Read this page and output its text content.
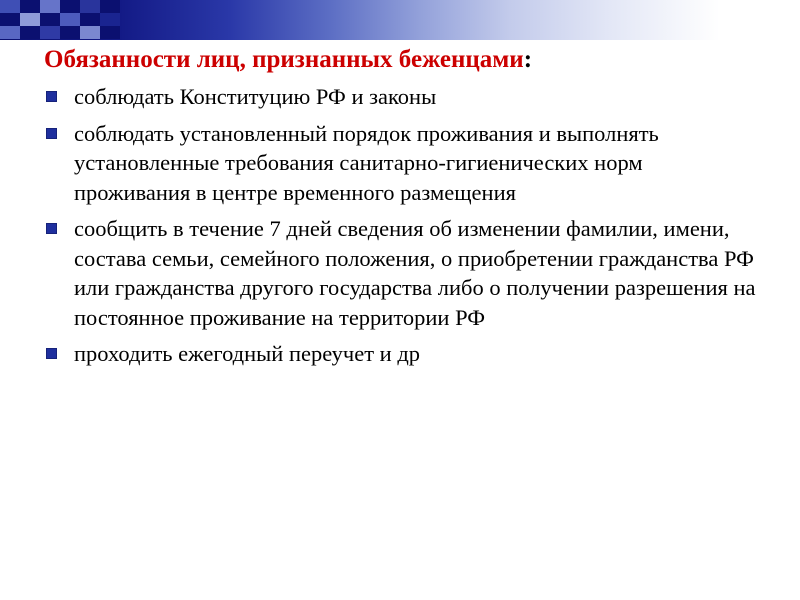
Обязанности лиц, признанных беженцами:
соблюдать Конституцию РФ и законы
соблюдать установленный порядок проживания и выполнять установленные требования санитарно-гигиенических норм проживания в центре временного размещения
сообщить в течение 7 дней сведения об изменении фамилии, имени, состава семьи, семейного положения, о приобретении гражданства РФ или гражданства другого государства либо о получении разрешения на постоянное проживание на территории РФ
проходить ежегодный переучет и др
